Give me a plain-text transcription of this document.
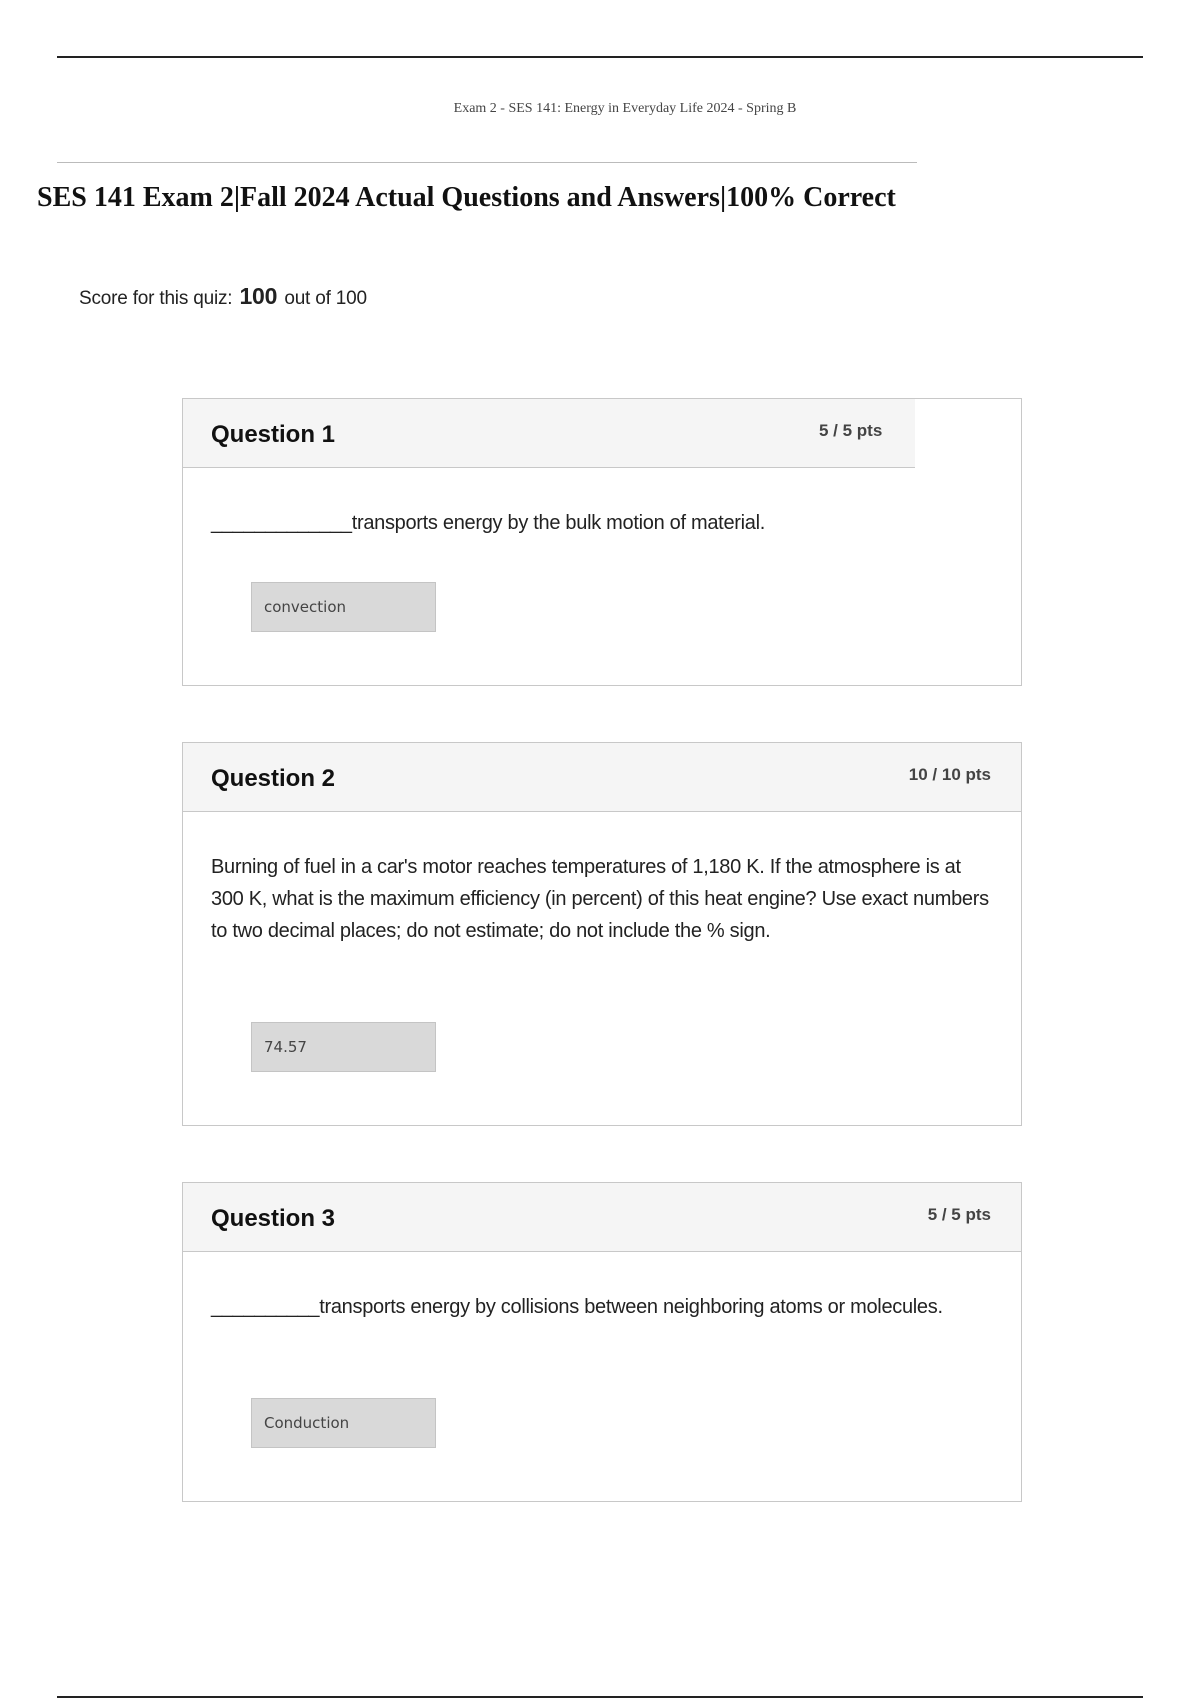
Exam 2 - SES 141: Energy in Everyday Life 2024 - Spring B
SES 141 Exam 2|Fall 2024 Actual Questions and Answers|100% Correct
Score for this quiz: 100 out of 100
Question 1	5 / 5 pts
_____________transports energy by the bulk motion of material.
convection
Question 2	10 / 10 pts
Burning of fuel in a car's motor reaches temperatures of 1,180 K. If the atmosphere is at 300 K, what is the maximum efficiency (in percent) of this heat engine? Use exact numbers to two decimal places; do not estimate; do not include the % sign.
74.57
Question 3	5 / 5 pts
__________transports energy by collisions between neighboring atoms or molecules.
Conduction
